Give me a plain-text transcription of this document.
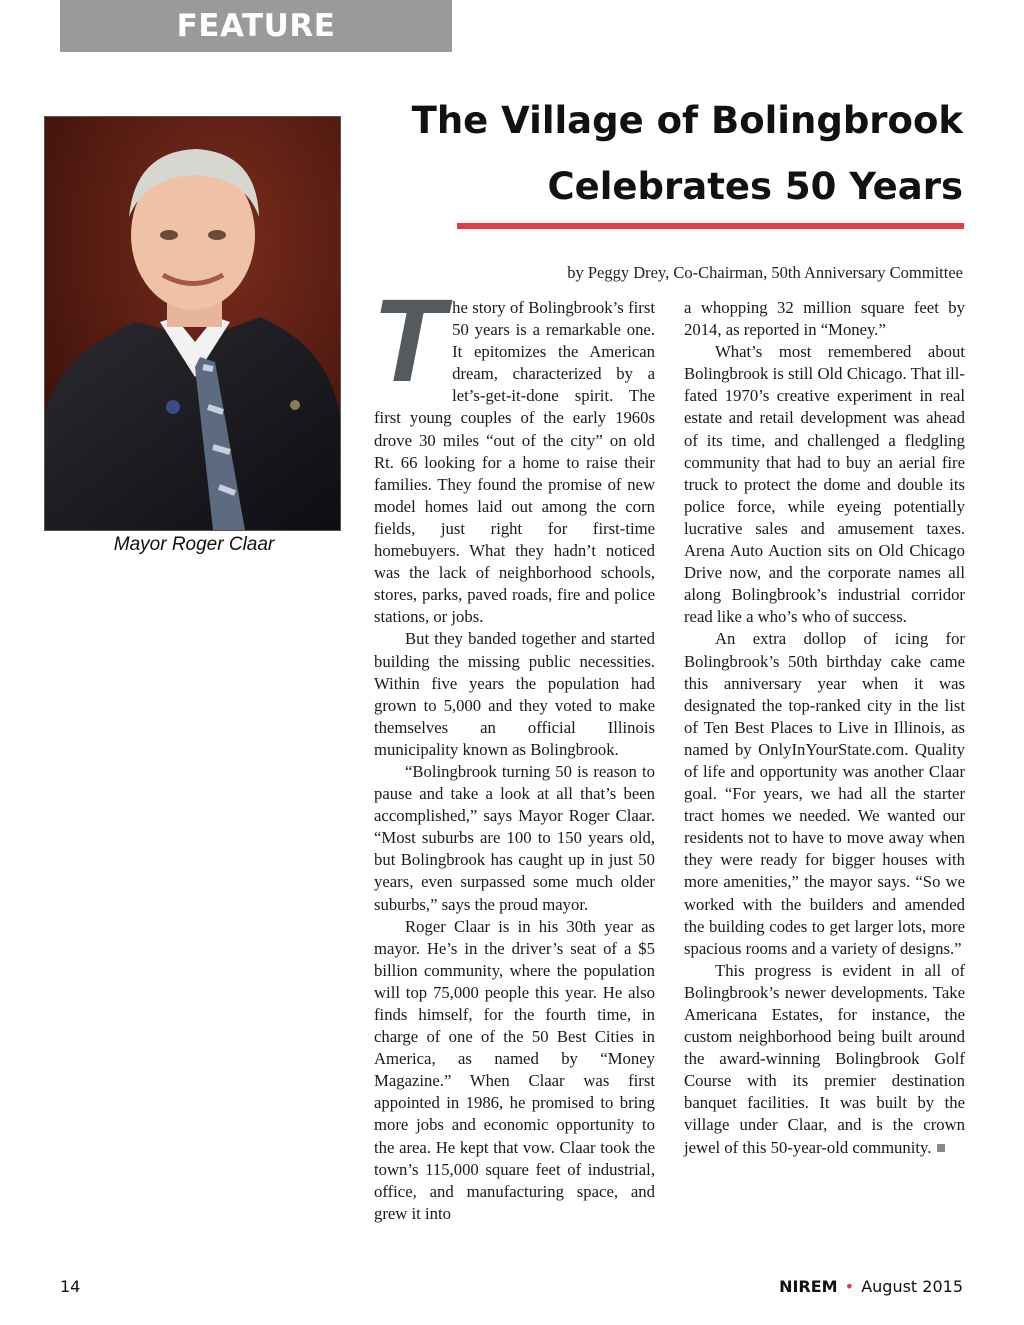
FEATURE
The Village of Bolingbrook
Celebrates 50 Years
by Peggy Drey, Co-Chairman, 50th Anniversary Committee
Mayor Roger Claar
T he story of Bolingbrook’s first 50 years is a remarkable one. It epitomizes the American dream, characterized by a let’s-get-it-done spirit. The first young couples of the early 1960s drove 30 miles “out of the city” on old Rt. 66 looking for a home to raise their families. They found the promise of new model homes laid out among the corn fields, just right for first-time homebuyers. What they hadn’t noticed was the lack of neighborhood schools, stores, parks, paved roads, fire and police stations, or jobs.

But they banded together and started building the missing public necessities. Within five years the population had grown to 5,000 and they voted to make themselves an official Illinois municipality known as Bolingbrook.

“Bolingbrook turning 50 is reason to pause and take a look at all that’s been accomplished,” says Mayor Roger Claar. “Most suburbs are 100 to 150 years old, but Bolingbrook has caught up in just 50 years, even surpassed some much older suburbs,” says the proud mayor.

Roger Claar is in his 30th year as mayor. He’s in the driver’s seat of a $5 billion community, where the population will top 75,000 people this year. He also finds himself, for the fourth time, in charge of one of the 50 Best Cities in America, as named by “Money Magazine.” When Claar was first appointed in 1986, he promised to bring more jobs and economic opportunity to the area. He kept that vow. Claar took the town’s 115,000 square feet of industrial, office, and manufacturing space, and grew it into

a whopping 32 million square feet by 2014, as reported in “Money.”

What’s most remembered about Bolingbrook is still Old Chicago. That ill-fated 1970’s creative experiment in real estate and retail development was ahead of its time, and challenged a fledgling community that had to buy an aerial fire truck to protect the dome and double its police force, while eyeing potentially lucrative sales and amusement taxes. Arena Auto Auction sits on Old Chicago Drive now, and the corporate names all along Bolingbrook’s industrial corridor read like a who’s who of success.

An extra dollop of icing for Bolingbrook’s 50th birthday cake came this anniversary year when it was designated the top-ranked city in the list of Ten Best Places to Live in Illinois, as named by OnlyInYourState.com. Quality of life and opportunity was another Claar goal. “For years, we had all the starter tract homes we needed. We wanted our residents not to have to move away when they were ready for bigger houses with more amenities,” the mayor says. “So we worked with the builders and amended the building codes to get larger lots, more spacious rooms and a variety of designs.”

This progress is evident in all of Bolingbrook’s newer developments. Take Americana Estates, for instance, the custom neighborhood being built around the award-winning Bolingbrook Golf Course with its premier destination banquet facilities. It was built by the village under Claar, and is the crown jewel of this 50-year-old community.

14	NIREM • August 2015
